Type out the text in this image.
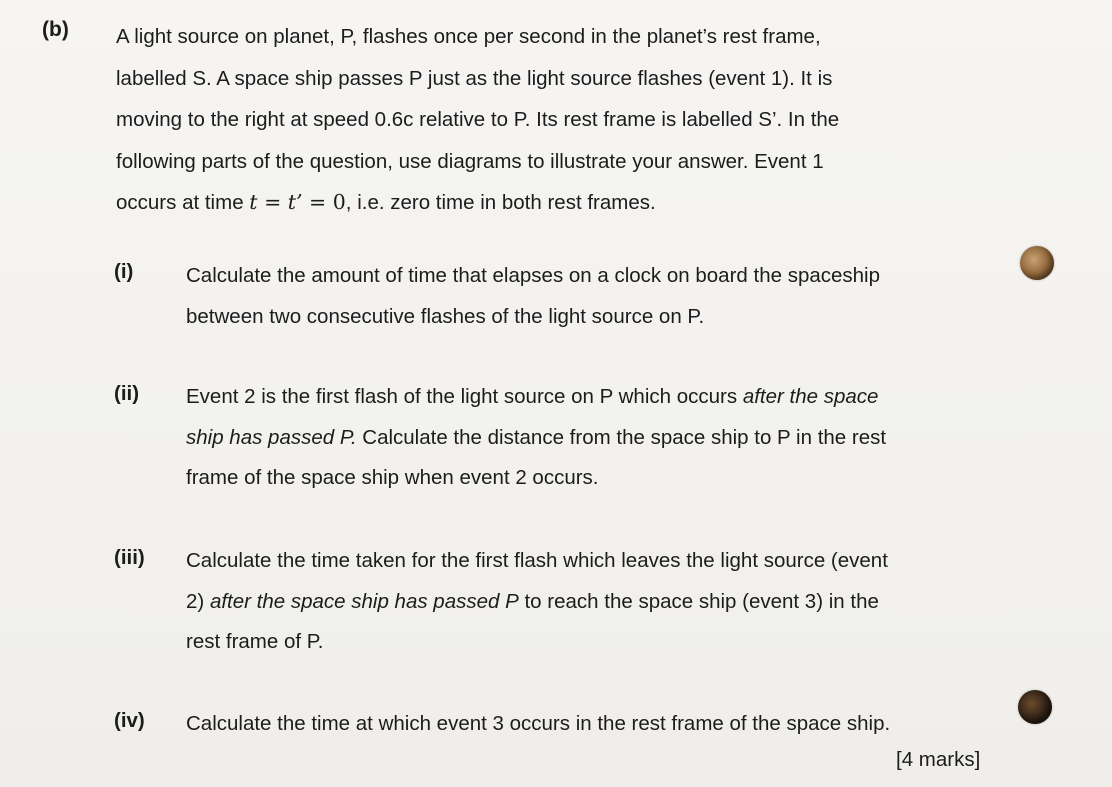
(b) A light source on planet, P, flashes once per second in the planet’s rest frame,
labelled S. A space ship passes P just as the light source flashes (event 1). It is
moving to the right at speed 0.6c relative to P. Its rest frame is labelled S’. In the
following parts of the question, use diagrams to illustrate your answer. Event 1
occurs at time t = t’ = 0, i.e. zero time in both rest frames.
(i)	Calculate the amount of time that elapses on a clock on board the spaceship
between two consecutive flashes of the light source on P.
(ii) Event 2 is the first flash of the light source on P which occurs after the space
ship has passed P. Calculate the distance from the space ship to P in the rest
frame of the space ship when event 2 occurs.
(iii) Calculate the time taken for the first flash which leaves the light source (event
2) after the space ship has passed P to reach the space ship (event 3) in the
rest frame of P.
(iv) Calculate the time at which event 3 occurs in the rest frame of the space ship.
[4 marks]
